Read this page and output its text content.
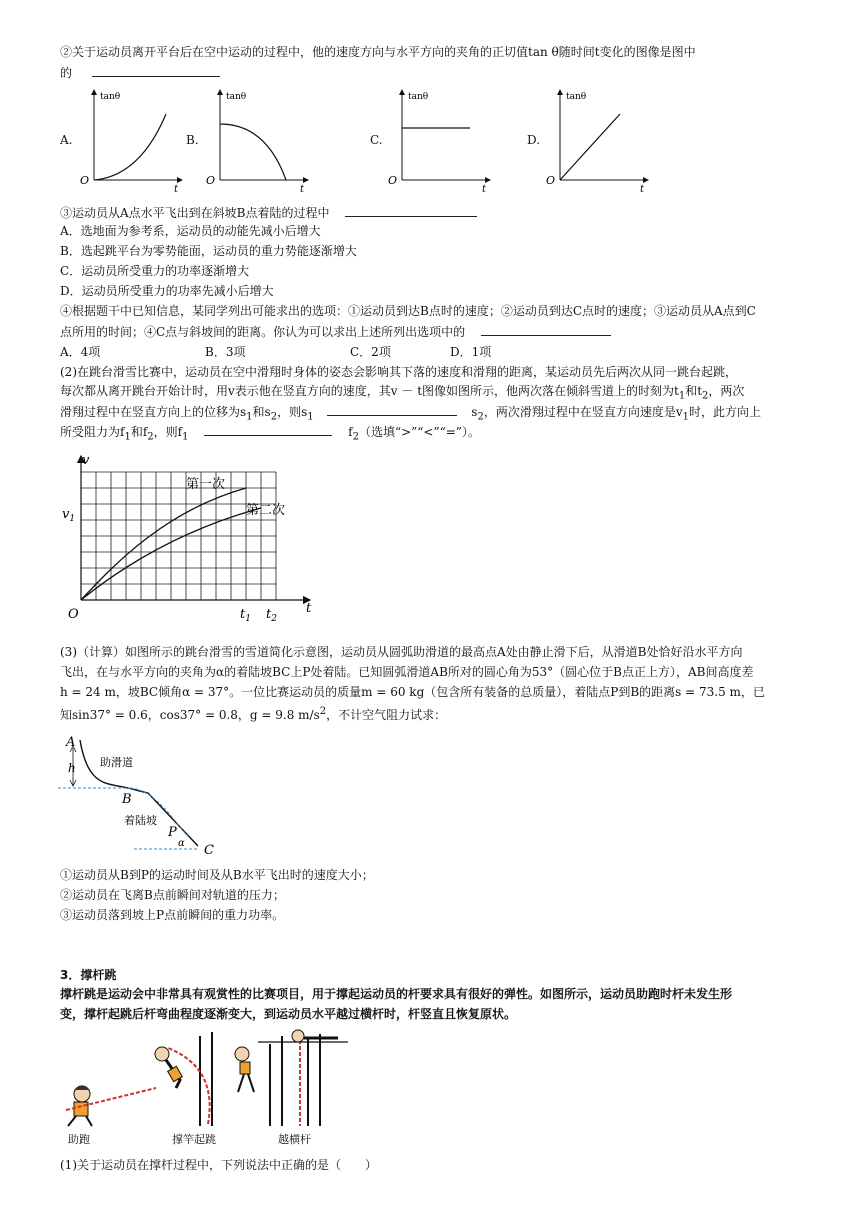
②关于运动员离开平台后在空中运动的过程中，他的速度方向与水平方向的夹角的正切值tan θ随时间t变化的图像是图中
的
A.	B.	C.	D.
tanθ
O
t
tanθ
O
t
tanθ
O
t
tanθ
O
t
③运动员从A点水平飞出到在斜坡B点着陆的过程中
A．选地面为参考系，运动员的动能先减小后增大
B．选起跳平台为零势能面，运动员的重力势能逐渐增大
C．运动员所受重力的功率逐渐增大
D．运动员所受重力的功率先减小后增大
④根据题干中已知信息，某同学列出可能求出的选项：①运动员到达B点时的速度；②运动员到达C点时的速度；③运动员从A点到C
点所用的时间；④C点与斜坡间的距离。你认为可以求出上述所列出选项中的
A．4项	B．3项	C．2项	D．1项
(2)在跳台滑雪比赛中，运动员在空中滑翔时身体的姿态会影响其下落的速度和滑翔的距离，某运动员先后两次从同一跳台起跳，
每次都从离开跳台开始计时，用v表示他在竖直方向的速度，其v － t图像如图所示，他两次落在倾斜雪道上的时刻为$t_1$和$t_2$，两次
滑翔过程中在竖直方向上的位移为$s_1$和$s_2$，则$s_1$	$s_2$，两次滑翔过程中在竖直方向速度是$v_1$时，此方向上
所受阻力为$f_1$和$f_2$，则$f_1$	$f_2$（选填“>”“<”“=”）。
v
$v_1$
O	t
$t_1$ $t_2$
第一次
第二次
(3)（计算）如图所示的跳台滑雪的雪道简化示意图，运动员从圆弧助滑道的最高点A处由静止滑下后，从滑道B处恰好沿水平方向
飞出，在与水平方向的夹角为α的着陆坡BC上P处着陆。已知圆弧滑道AB所对的圆心角为53°（圆心位于B点正上方），AB间高度差
h = 24 m，坡BC倾角α = 37°。一位比赛运动员的质量m = 60 kg（包含所有装备的总质量），着陆点P到B的距离s = 73.5 m，已
知sin37° = 0.6，cos37° = 0.8，g = 9.8 $m/s^2$，不计空气阻力试求：
A
h 助滑道
B
着陆坡
P
α C
①运动员从B到P的运动时间及从B水平飞出时的速度大小；
②运动员在飞离B点前瞬间对轨道的压力；
③运动员落到坡上P点前瞬间的重力功率。
3．撑杆跳
撑杆跳是运动会中非常具有观赏性的比赛项目，用于撑起运动员的杆要求具有很好的弹性。如图所示，运动员助跑时杆未发生形
变，撑杆起跳后杆弯曲程度逐渐变大，到运动员水平越过横杆时，杆竖直且恢复原状。
助跑	撑竿起跳	越横杆
(1)关于运动员在撑杆过程中，下列说法中正确的是（　　）
